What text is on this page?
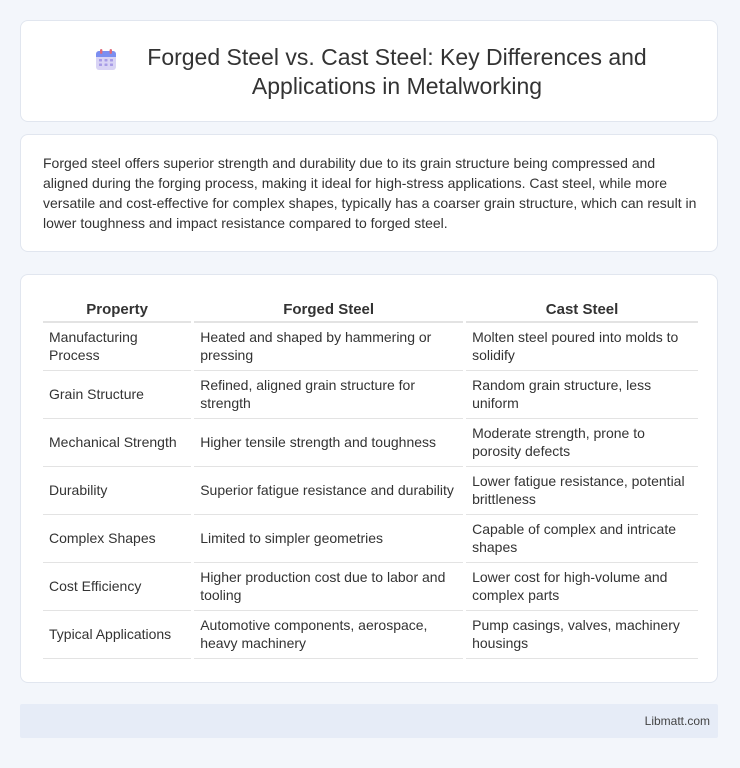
Forged Steel vs. Cast Steel: Key Differences and Applications in Metalworking

Forged steel offers superior strength and durability due to its grain structure being compressed and aligned during the forging process, making it ideal for high-stress applications. Cast steel, while more versatile and cost-effective for complex shapes, typically has a coarser grain structure, which can result in lower toughness and impact resistance compared to forged steel.

Property	Forged Steel	Cast Steel
Manufacturing Process	Heated and shaped by hammering or pressing	Molten steel poured into molds to solidify
Grain Structure	Refined, aligned grain structure for strength	Random grain structure, less uniform
Mechanical Strength	Higher tensile strength and toughness	Moderate strength, prone to porosity defects
Durability	Superior fatigue resistance and durability	Lower fatigue resistance, potential brittleness
Complex Shapes	Limited to simpler geometries	Capable of complex and intricate shapes
Cost Efficiency	Higher production cost due to labor and tooling	Lower cost for high-volume and complex parts
Typical Applications	Automotive components, aerospace, heavy machinery	Pump casings, valves, machinery housings
Libmatt.com
